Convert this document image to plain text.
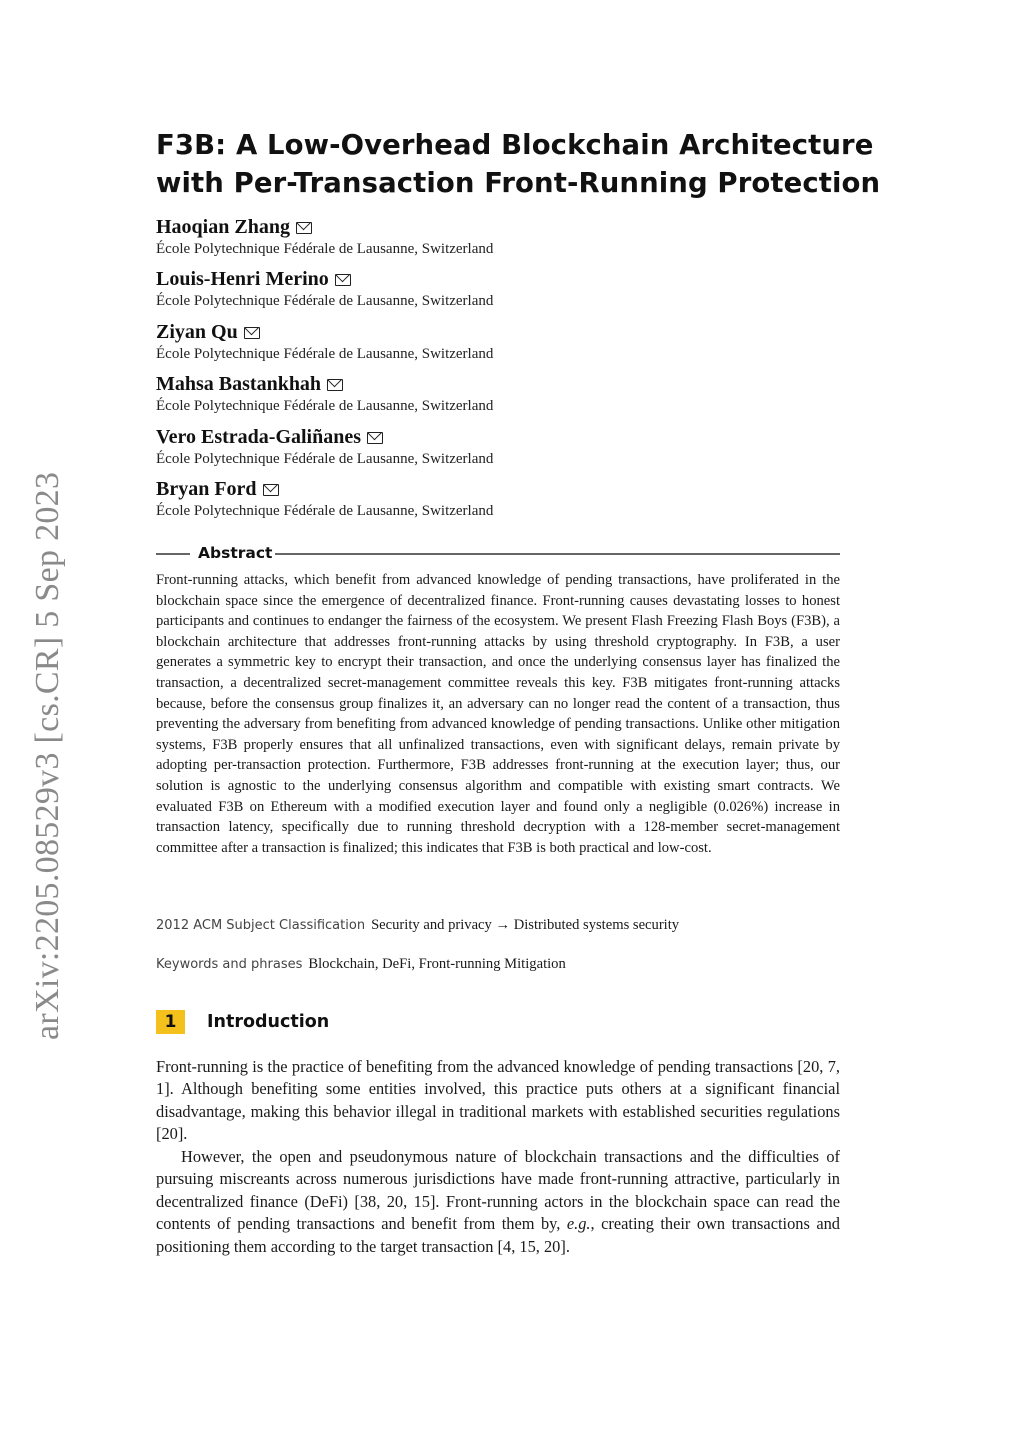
arXiv:2205.08529v3 [cs.CR] 5 Sep 2023
F3B: A Low-Overhead Blockchain Architecture
with Per-Transaction Front-Running Protection
Haoqian Zhang
École Polytechnique Fédérale de Lausanne, Switzerland
Louis-Henri Merino
École Polytechnique Fédérale de Lausanne, Switzerland
Ziyan Qu
École Polytechnique Fédérale de Lausanne, Switzerland
Mahsa Bastankhah
École Polytechnique Fédérale de Lausanne, Switzerland
Vero Estrada-Galiñanes
École Polytechnique Fédérale de Lausanne, Switzerland
Bryan Ford
École Polytechnique Fédérale de Lausanne, Switzerland
Abstract
Front-running attacks, which benefit from advanced knowledge of pending transactions, have proliferated in the blockchain space since the emergence of decentralized finance. Front-running causes devastating losses to honest participants and continues to endanger the fairness of the ecosystem. We present Flash Freezing Flash Boys (F3B), a blockchain architecture that addresses front-running attacks by using threshold cryptography. In F3B, a user generates a symmetric key to encrypt their transaction, and once the underlying consensus layer has finalized the transaction, a decentralized secret-management committee reveals this key. F3B mitigates front-running attacks because, before the consensus group finalizes it, an adversary can no longer read the content of a transaction, thus preventing the adversary from benefiting from advanced knowledge of pending transactions. Unlike other mitigation systems, F3B properly ensures that all unfinalized transactions, even with significant delays, remain private by adopting per-transaction protection. Furthermore, F3B addresses front-running at the execution layer; thus, our solution is agnostic to the underlying consensus algorithm and compatible with existing smart contracts. We evaluated F3B on Ethereum with a modified execution layer and found only a negligible (0.026%) increase in transaction latency, specifically due to running threshold decryption with a 128-member secret-management committee after a transaction is finalized; this indicates that F3B is both practical and low-cost.
2012 ACM Subject Classification Security and privacy → Distributed systems security
Keywords and phrases Blockchain, DeFi, Front-running Mitigation
1	Introduction

Front-running is the practice of benefiting from the advanced knowledge of pending transactions [20, 7, 1]. Although benefiting some entities involved, this practice puts others at a significant financial disadvantage, making this behavior illegal in traditional markets with established securities regulations [20].

However, the open and pseudonymous nature of blockchain transactions and the difficulties of pursuing miscreants across numerous jurisdictions have made front-running attractive, particularly in decentralized finance (DeFi) [38, 20, 15]. Front-running actors in the blockchain space can read the contents of pending transactions and benefit from them by, e.g., creating their own transactions and positioning them according to the target transaction [4, 15, 20].
